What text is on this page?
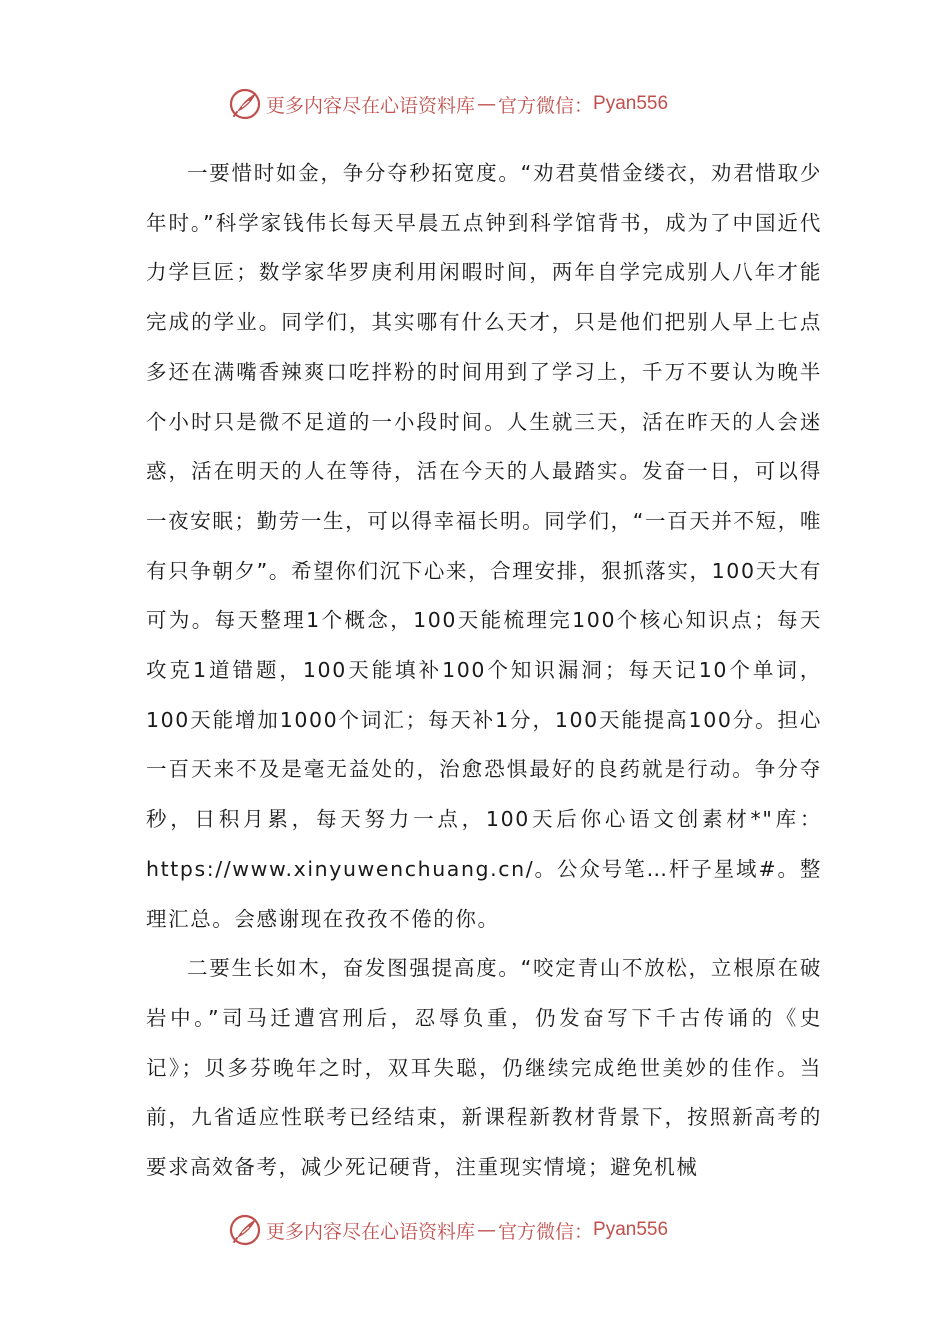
更多内容尽在心语资料库 — 官方微信： Pyan556

一要惜时如金，争分夺秒拓宽度。“劝君莫惜金缕衣，劝君惜取少年时。”科学家钱伟长每天早晨五点钟到科学馆背书，成为了中国近代力学巨匠；数学家华罗庚利用闲暇时间，两年自学完成别人八年才能完成的学业。同学们，其实哪有什么天才，只是他们把别人早上七点多还在满嘴香辣爽口吃拌粉的时间用到了学习上，千万不要认为晚半个小时只是微不足道的一小段时间。人生就三天，活在昨天的人会迷惑，活在明天的人在等待，活在今天的人最踏实。发奋一日，可以得一夜安眠；勤劳一生，可以得幸福长明。同学们，“一百天并不短，唯有只争朝夕”。希望你们沉下心来，合理安排，狠抓落实，100天大有可为。每天整理1个概念，100天能梳理完100个核心知识点；每天攻克1道错题，100天能填补100个知识漏洞；每天记10个单词，100天能增加1000个词汇；每天补1分，100天能提高100分。担心一百天来不及是毫无益处的，治愈恐惧最好的良药就是行动。争分夺秒，日积月累，每天努力一点，100天后你心语文创素材*"库：https://www.xinyuwenchuang.cn/。公众号笔…杆子星域#。整理汇总。会感谢现在孜孜不倦的你。

二要生长如木，奋发图强提高度。“咬定青山不放松，立根原在破岩中。”司马迁遭宫刑后，忍辱负重，仍发奋写下千古传诵的《史记》；贝多芬晚年之时，双耳失聪，仍继续完成绝世美妙的佳作。当前，九省适应性联考已经结束，新课程新教材背景下，按照新高考的要求高效备考，减少死记硬背，注重现实情境；避免机械

更多内容尽在心语资料库 — 官方微信： Pyan556
